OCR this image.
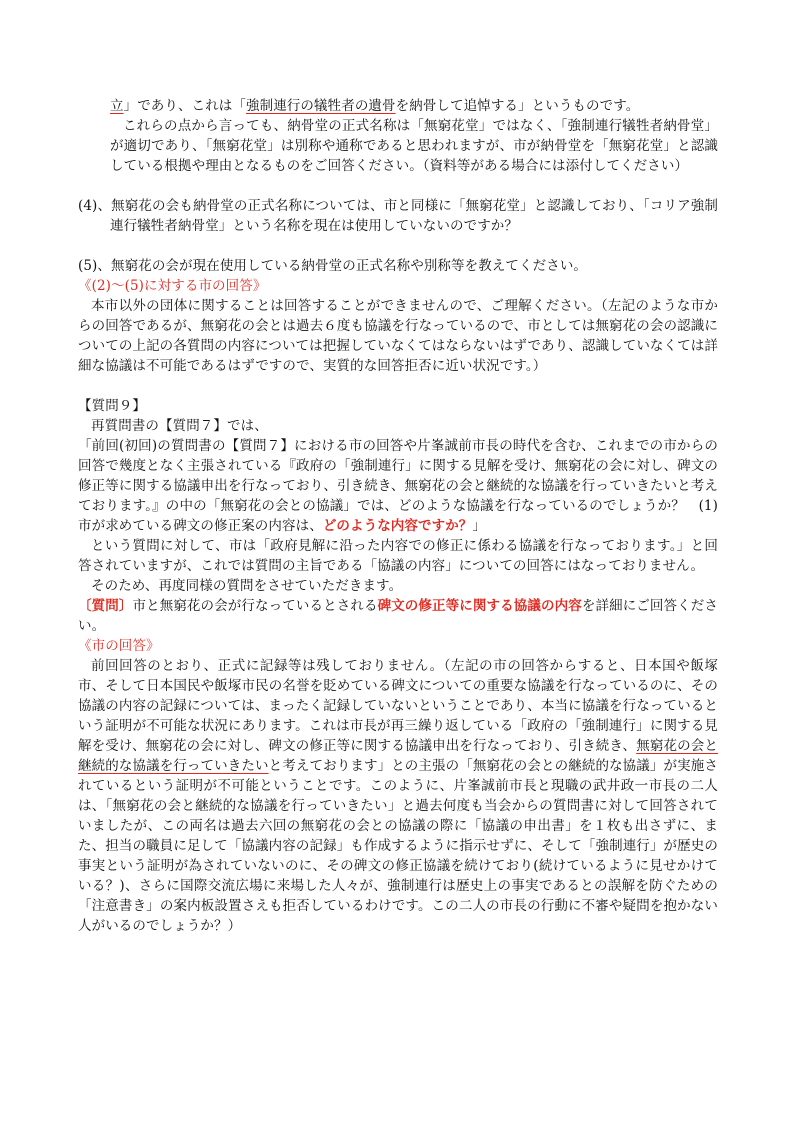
立」であり、これは「強制連行の犠牲者の遺骨を納骨して追悼する」というものです。

これらの点から言っても、納骨堂の正式名称は「無窮花堂」ではなく、「強制連行犠牲者納骨堂」が適切であり、「無窮花堂」は別称や通称であると思われますが、市が納骨堂を「無窮花堂」と認識している根拠や理由となるものをご回答ください。（資料等がある場合には添付してください）

(4)、無窮花の会も納骨堂の正式名称については、市と同様に「無窮花堂」と認識しており、「コリア強制連行犠牲者納骨堂」という名称を現在は使用していないのですか？

(5)、無窮花の会が現在使用している納骨堂の正式名称や別称等を教えてください。

《(2)～(5)に対する市の回答》

本市以外の団体に関することは回答することができませんので、ご理解ください。（左記のような市からの回答であるが、無窮花の会とは過去６度も協議を行なっているので、市としては無窮花の会の認識についての上記の各質問の内容については把握していなくてはならないはずであり、認識していなくては詳細な協議は不可能であるはずですので、実質的な回答拒否に近い状況です。）

【質問９】

再質問書の【質問７】では、

「前回(初回)の質問書の【質問７】における市の回答や片峯誠前市長の時代を含む、これまでの市からの回答で幾度となく主張されている『政府の「強制連行」に関する見解を受け、無窮花の会に対し、碑文の修正等に関する協議申出を行なっており、引き続き、無窮花の会と継続的な協議を行っていきたいと考えております。』の中の「無窮花の会との協議」では、どのような協議を行なっているのでしょうか？　(1)　市が求めている碑文の修正案の内容は、どのような内容ですか？」

という質問に対して、市は「政府見解に沿った内容での修正に係わる協議を行なっております。」と回答されていますが、これでは質問の主旨である「協議の内容」についての回答にはなっておりません。

そのため、再度同様の質問をさせていただきます。

〔質問〕市と無窮花の会が行なっているとされる碑文の修正等に関する協議の内容を詳細にご回答ください。

《市の回答》

前回回答のとおり、正式に記録等は残しておりません。（左記の市の回答からすると、日本国や飯塚市、そして日本国民や飯塚市民の名誉を貶めている碑文についての重要な協議を行なっているのに、その協議の内容の記録については、まったく記録していないということであり、本当に協議を行なっているという証明が不可能な状況にあります。これは市長が再三繰り返している「政府の「強制連行」に関する見解を受け、無窮花の会に対し、碑文の修正等に関する協議申出を行なっており、引き続き、無窮花の会と継続的な協議を行っていきたいと考えております」との主張の「無窮花の会との継続的な協議」が実施されているという証明が不可能ということです。このように、片峯誠前市長と現職の武井政一市長の二人は、「無窮花の会と継続的な協議を行っていきたい」と過去何度も当会からの質問書に対して回答されていましたが、この両名は過去六回の無窮花の会との協議の際に「協議の申出書」を１枚も出さずに、また、担当の職員に足して「協議内容の記録」も作成するように指示せずに、そして「強制連行」が歴史の事実という証明が為されていないのに、その碑文の修正協議を続けており(続けているように見せかけている？)、さらに国際交流広場に来場した人々が、強制連行は歴史上の事実であるとの誤解を防ぐための「注意書き」の案内板設置さえも拒否しているわけです。この二人の市長の行動に不審や疑問を抱かない人がいるのでしょうか？）
